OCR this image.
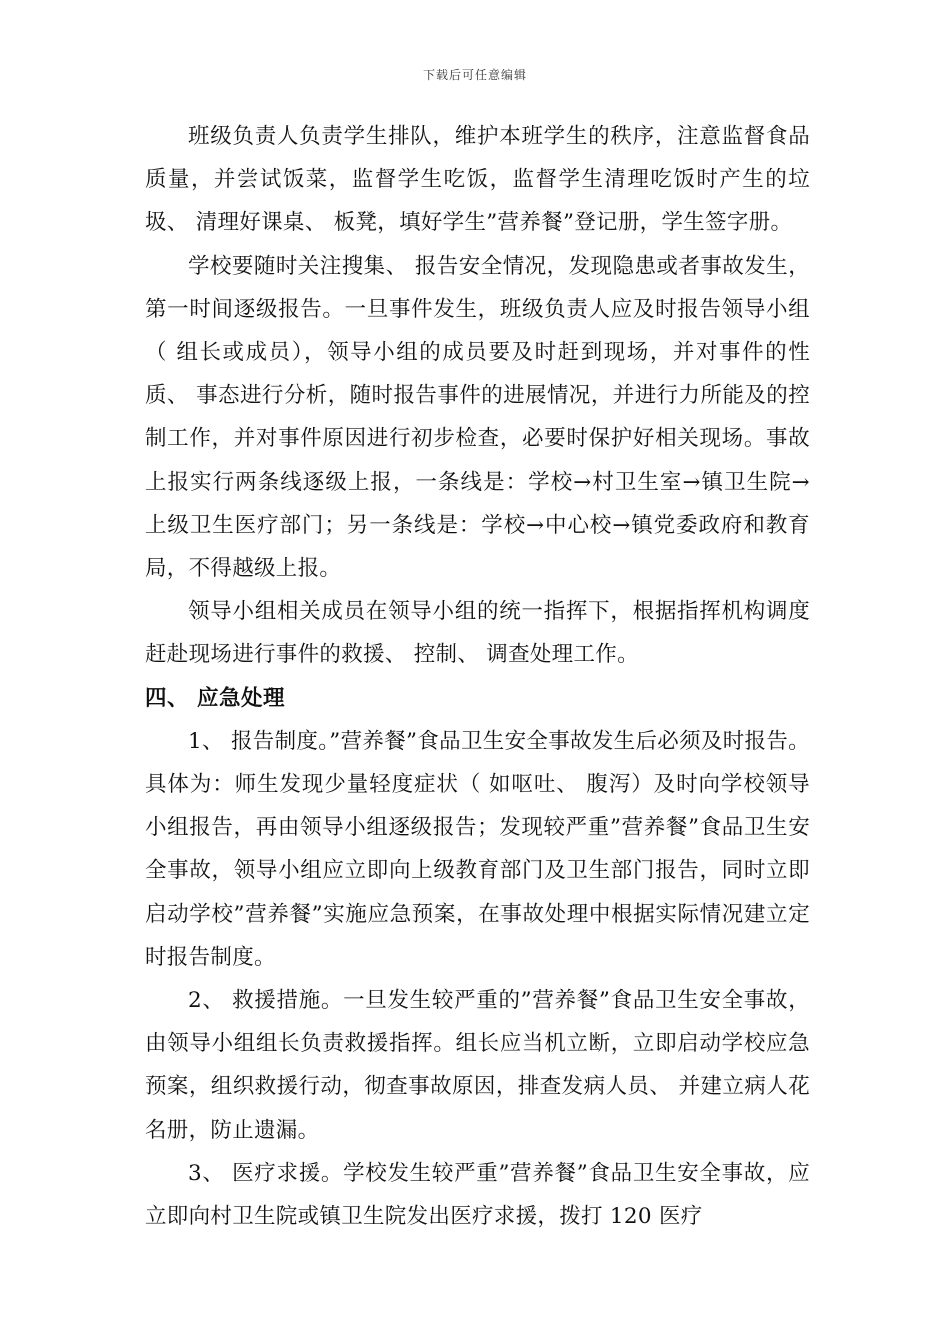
下载后可任意编辑

班级负责人负责学生排队，维护本班学生的秩序，注意监督食品质量，并尝试饭菜，监督学生吃饭，监督学生清理吃饭时产生的垃圾、 清理好课桌、 板凳，填好学生”营养餐”登记册，学生签字册。

学校要随时关注搜集、 报告安全情况，发现隐患或者事故发生，第一时间逐级报告。一旦事件发生，班级负责人应及时报告领导小组（ 组长或成员），领导小组的成员要及时赶到现场，并对事件的性质、 事态进行分析，随时报告事件的进展情况，并进行力所能及的控制工作，并对事件原因进行初步检查，必要时保护好相关现场。事故上报实行两条线逐级上报，一条线是：学校→村卫生室→镇卫生院→上级卫生医疗部门；另一条线是：学校→中心校→镇党委政府和教育局，不得越级上报。

领导小组相关成员在领导小组的统一指挥下，根据指挥机构调度赶赴现场进行事件的救援、 控制、 调查处理工作。

四、 应急处理

1、 报告制度。”营养餐”食品卫生安全事故发生后必须及时报告。具体为：师生发现少量轻度症状（ 如呕吐、 腹泻）及时向学校领导小组报告，再由领导小组逐级报告；发现较严重”营养餐”食品卫生安全事故，领导小组应立即向上级教育部门及卫生部门报告，同时立即启动学校”营养餐”实施应急预案，在事故处理中根据实际情况建立定时报告制度。

2、 救援措施。一旦发生较严重的”营养餐”食品卫生安全事故，由领导小组组长负责救援指挥。组长应当机立断，立即启动学校应急预案，组织救援行动，彻查事故原因，排查发病人员、 并建立病人花名册，防止遗漏。

3、 医疗求援。学校发生较严重”营养餐”食品卫生安全事故，应立即向村卫生院或镇卫生院发出医疗求援，拨打 120 医疗
